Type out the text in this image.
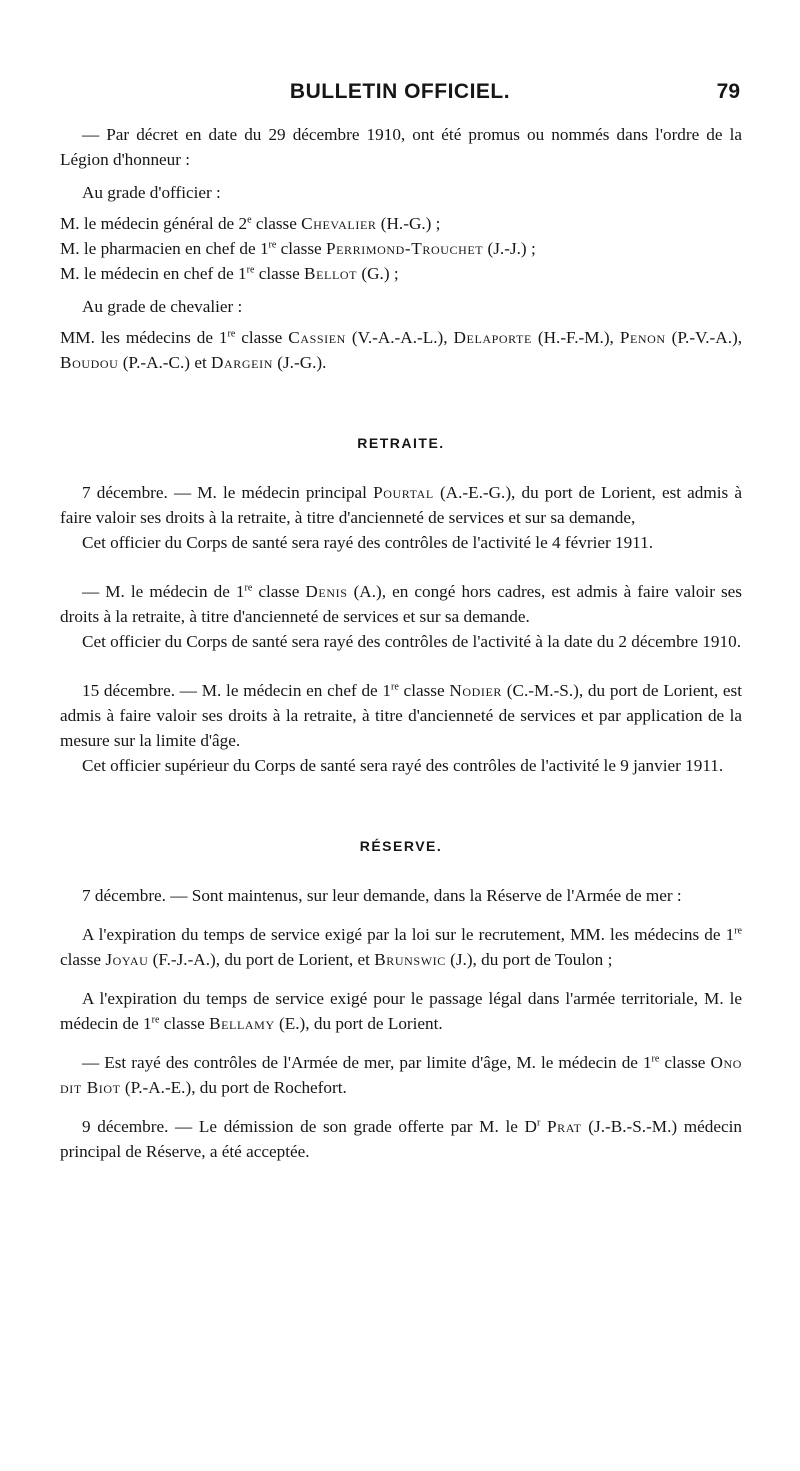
BULLETIN OFFICIEL.	79

— Par décret en date du 29 décembre 1910, ont été promus ou nommés dans l'ordre de la Légion d'honneur :

Au grade d'officier :

M. le médecin général de 2e classe Chevalier (H.-G.) ;

M. le pharmacien en chef de 1re classe Perrimond-Trouchet (J.-J.) ;

M. le médecin en chef de 1re classe Bellot (G.) ;

Au grade de chevalier :

MM. les médecins de 1re classe Cassien (V.-A.-A.-L.), Delaporte (H.-F.-M.), Penon (P.-V.-A.), Boudou (P.-A.-C.) et Dargein (J.-G.).

RETRAITE.

7 décembre. — M. le médecin principal Pourtal (A.-E.-G.), du port de Lorient, est admis à faire valoir ses droits à la retraite, à titre d'ancienneté de services et sur sa demande,

Cet officier du Corps de santé sera rayé des contrôles de l'activité le 4 février 1911.

— M. le médecin de 1re classe Denis (A.), en congé hors cadres, est admis à faire valoir ses droits à la retraite, à titre d'ancienneté de services et sur sa demande.

Cet officier du Corps de santé sera rayé des contrôles de l'activité à la date du 2 décembre 1910.

15 décembre. — M. le médecin en chef de 1re classe Nodier (C.-M.-S.), du port de Lorient, est admis à faire valoir ses droits à la retraite, à titre d'ancienneté de services et par application de la mesure sur la limite d'âge.

Cet officier supérieur du Corps de santé sera rayé des contrôles de l'activité le 9 janvier 1911.

RÉSERVE.

7 décembre. — Sont maintenus, sur leur demande, dans la Réserve de l'Armée de mer :

A l'expiration du temps de service exigé par la loi sur le recrutement, MM. les médecins de 1re classe Joyau (F.-J.-A.), du port de Lorient, et Brunswic (J.), du port de Toulon ;

A l'expiration du temps de service exigé pour le passage légal dans l'armée territoriale, M. le médecin de 1re classe Bellamy (E.), du port de Lorient.

— Est rayé des contrôles de l'Armée de mer, par limite d'âge, M. le médecin de 1re classe Ono dit Biot (P.-A.-E.), du port de Rochefort.

9 décembre. — Le démission de son grade offerte par M. le $D^r$ Prat (J.-B.-S.-M.) médecin principal de Réserve, a été acceptée.
